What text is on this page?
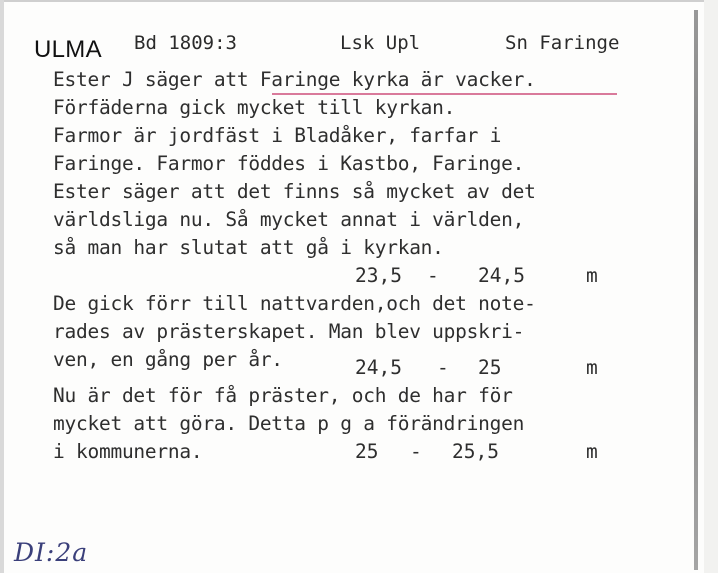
ULMA Bd 1809:3	Lsk Upl	Sn Faringe
Ester J säger att Faringe kyrka är vacker.
Förfäderna gick mycket till kyrkan.
Farmor är jordfäst i Bladåker, farfar i
Faringe. Farmor föddes i Kastbo, Faringe.
Ester säger att det finns så mycket av det
världsliga nu. Så mycket annat i världen,
så man har slutat att gå i kyrkan.
23,5 - 24,5	m
De gick förr till nattvarden,och det note-
rades av prästerskapet. Man blev uppskri-
ven, en gång per år.	24,5 - 25	m
Nu är det för få präster, och de har för
mycket att göra. Detta p g a förändringen
i kommunerna.	25 - 25,5	m
DI:2a
